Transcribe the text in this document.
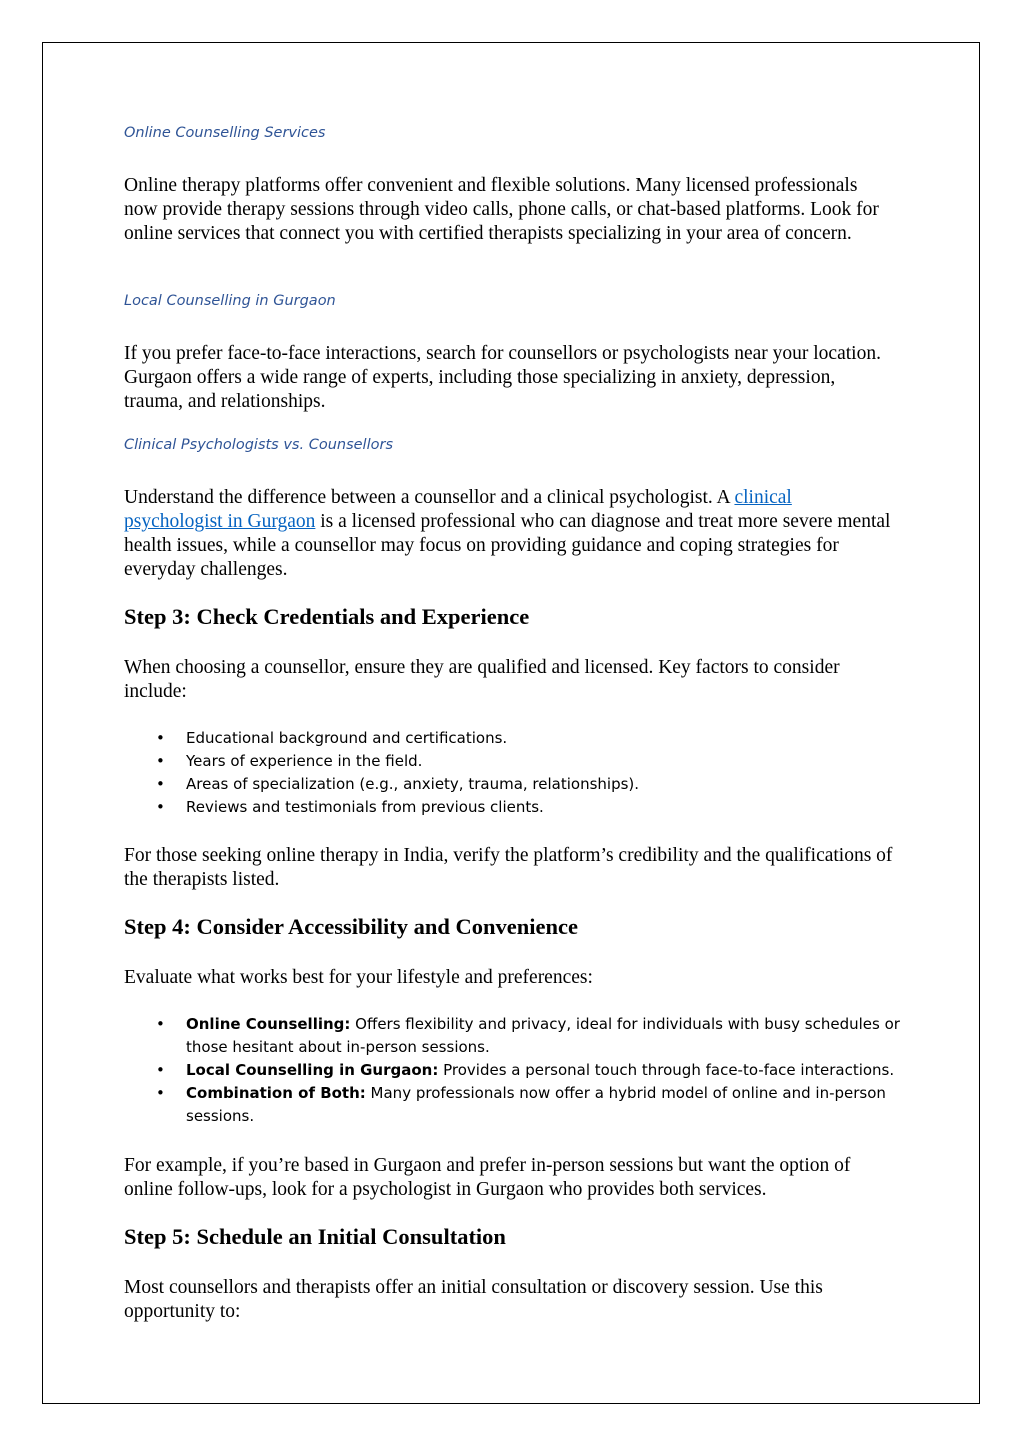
Online Counselling Services

Online therapy platforms offer convenient and flexible solutions. Many licensed professionals now provide therapy sessions through video calls, phone calls, or chat-based platforms. Look for online services that connect you with certified therapists specializing in your area of concern.

Local Counselling in Gurgaon

If you prefer face-to-face interactions, search for counsellors or psychologists near your location. Gurgaon offers a wide range of experts, including those specializing in anxiety, depression, trauma, and relationships.

Clinical Psychologists vs. Counsellors

Understand the difference between a counsellor and a clinical psychologist. A clinical psychologist in Gurgaon is a licensed professional who can diagnose and treat more severe mental health issues, while a counsellor may focus on providing guidance and coping strategies for everyday challenges.

Step 3: Check Credentials and Experience

When choosing a counsellor, ensure they are qualified and licensed. Key factors to consider include:

• Educational background and certifications.
• Years of experience in the field.
• Areas of specialization (e.g., anxiety, trauma, relationships).
• Reviews and testimonials from previous clients.

For those seeking online therapy in India, verify the platform’s credibility and the qualifications of the therapists listed.

Step 4: Consider Accessibility and Convenience

Evaluate what works best for your lifestyle and preferences:

• Online Counselling: Offers flexibility and privacy, ideal for individuals with busy schedules or those hesitant about in-person sessions.
• Local Counselling in Gurgaon: Provides a personal touch through face-to-face interactions.
• Combination of Both: Many professionals now offer a hybrid model of online and in-person sessions.

For example, if you’re based in Gurgaon and prefer in-person sessions but want the option of online follow-ups, look for a psychologist in Gurgaon who provides both services.

Step 5: Schedule an Initial Consultation

Most counsellors and therapists offer an initial consultation or discovery session. Use this opportunity to:
